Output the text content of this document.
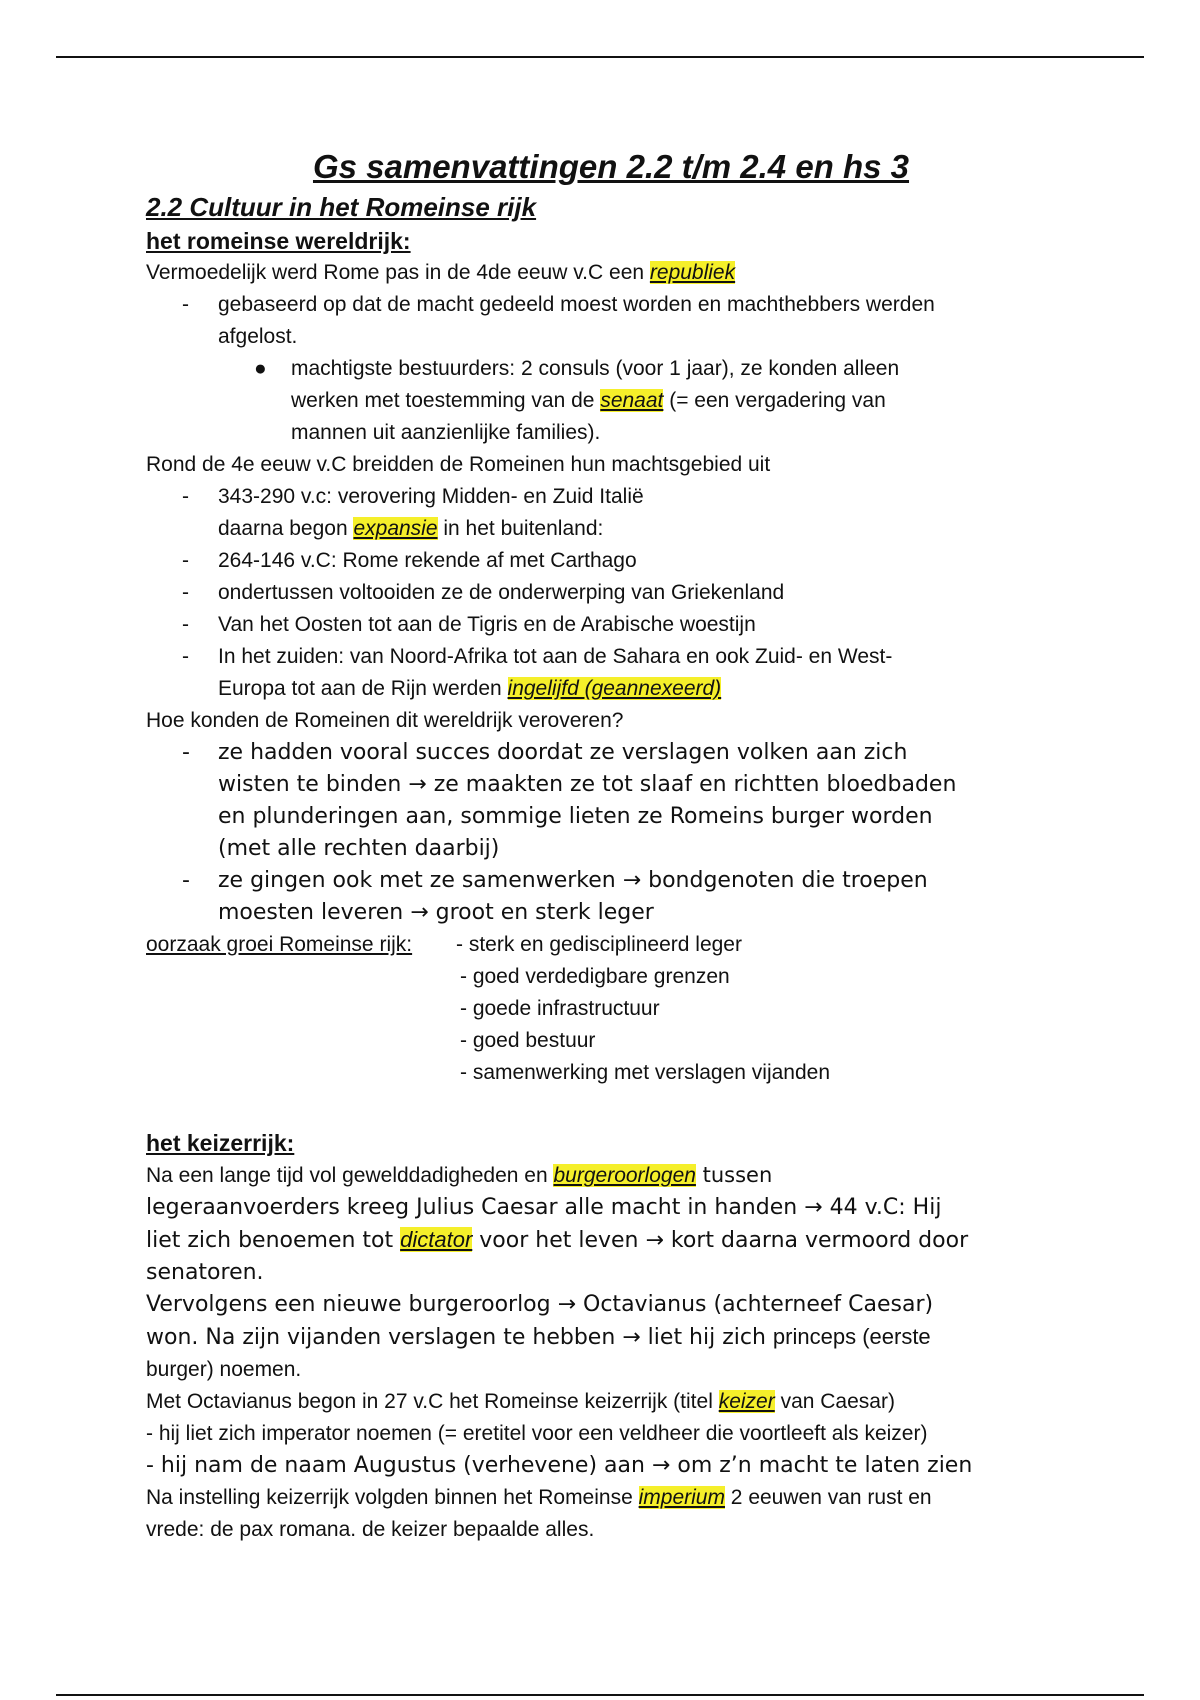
Gs samenvattingen 2.2 t/m 2.4 en hs 3
2.2 Cultuur in het Romeinse rijk
het romeinse wereldrijk:
Vermoedelijk werd Rome pas in de 4de eeuw v.C een republiek
- gebaseerd op dat de macht gedeeld moest worden en machthebbers werden
afgelost.
● machtigste bestuurders: 2 consuls (voor 1 jaar), ze konden alleen
werken met toestemming van de senaat (= een vergadering van
mannen uit aanzienlijke families).
Rond de 4e eeuw v.C breidden de Romeinen hun machtsgebied uit
- 343-290 v.c: verovering Midden- en Zuid Italië
daarna begon expansie in het buitenland:
- 264-146 v.C: Rome rekende af met Carthago
- ondertussen voltooiden ze de onderwerping van Griekenland
- Van het Oosten tot aan de Tigris en de Arabische woestijn
- In het zuiden: van Noord-Afrika tot aan de Sahara en ook Zuid- en West-
Europa tot aan de Rijn werden ingelijfd (geannexeerd)
Hoe konden de Romeinen dit wereldrijk veroveren?
- ze hadden vooral succes doordat ze verslagen volken aan zich
wisten te binden → ze maakten ze tot slaaf en richtten bloedbaden
en plunderingen aan, sommige lieten ze Romeins burger worden
(met alle rechten daarbij)
- ze gingen ook met ze samenwerken → bondgenoten die troepen
moesten leveren → groot en sterk leger
oorzaak groei Romeinse rijk:	- sterk en gedisciplineerd leger
- goed verdedigbare grenzen
- goede infrastructuur
- goed bestuur
- samenwerking met verslagen vijanden
het keizerrijk:
Na een lange tijd vol gewelddadigheden en burgeroorlogen tussen
legeraanvoerders kreeg Julius Caesar alle macht in handen → 44 v.C: Hij
liet zich benoemen tot dictator voor het leven → kort daarna vermoord door
senatoren.
Vervolgens een nieuwe burgeroorlog → Octavianus (achterneef Caesar)
won. Na zijn vijanden verslagen te hebben → liet hij zich princeps (eerste
burger) noemen.
Met Octavianus begon in 27 v.C het Romeinse keizerrijk (titel keizer van Caesar)
- hij liet zich imperator noemen (= eretitel voor een veldheer die voortleeft als keizer)
- hij nam de naam Augustus (verhevene) aan → om z’n macht te laten zien
Na instelling keizerrijk volgden binnen het Romeinse imperium 2 eeuwen van rust en
vrede: de pax romana. de keizer bepaalde alles.
